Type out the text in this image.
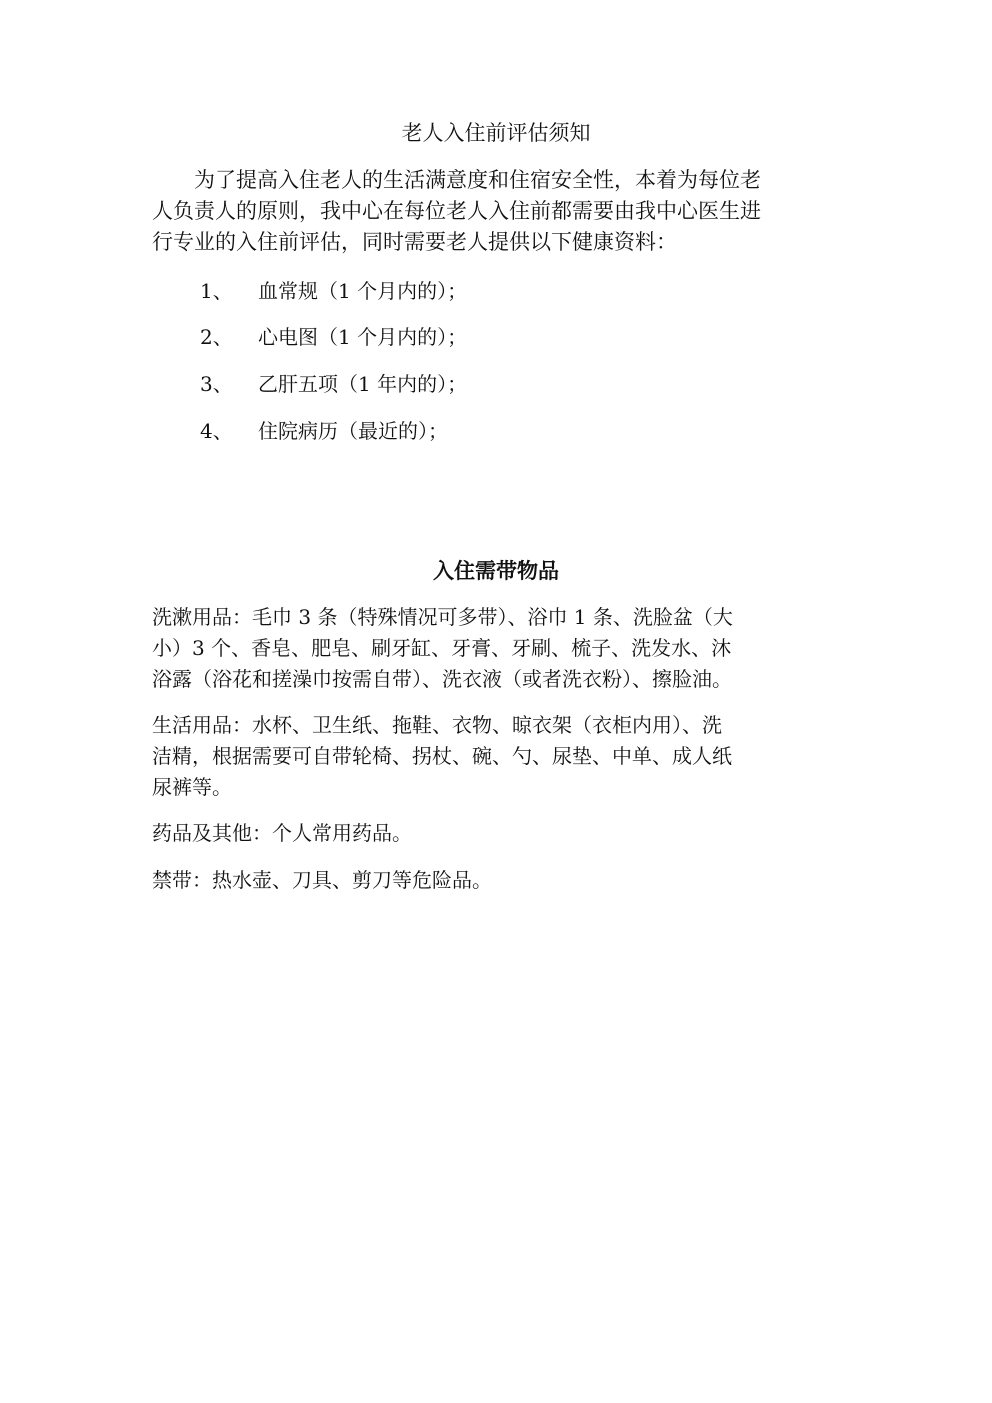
老人入住前评估须知
为了提高入住老人的生活满意度和住宿安全性，本着为每位老
人负责人的原则，我中心在每位老人入住前都需要由我中心医生进
行专业的入住前评估，同时需要老人提供以下健康资料：
1、 血常规（1 个月内的）；
2、 心电图（1 个月内的）；
3、 乙肝五项（1 年内的）；
4、 住院病历（最近的）；
入住需带物品
洗漱用品：毛巾 3 条（特殊情况可多带）、浴巾 1 条、洗脸盆（大
小）3 个、香皂、肥皂、刷牙缸、牙膏、牙刷、梳子、洗发水、沐
浴露（浴花和搓澡巾按需自带）、洗衣液（或者洗衣粉）、擦脸油。
生活用品：水杯、卫生纸、拖鞋、衣物、晾衣架（衣柜内用）、洗
洁精，根据需要可自带轮椅、拐杖、碗、勺、尿垫、中单、成人纸
尿裤等。
药品及其他：个人常用药品。
禁带：热水壶、刀具、剪刀等危险品。
